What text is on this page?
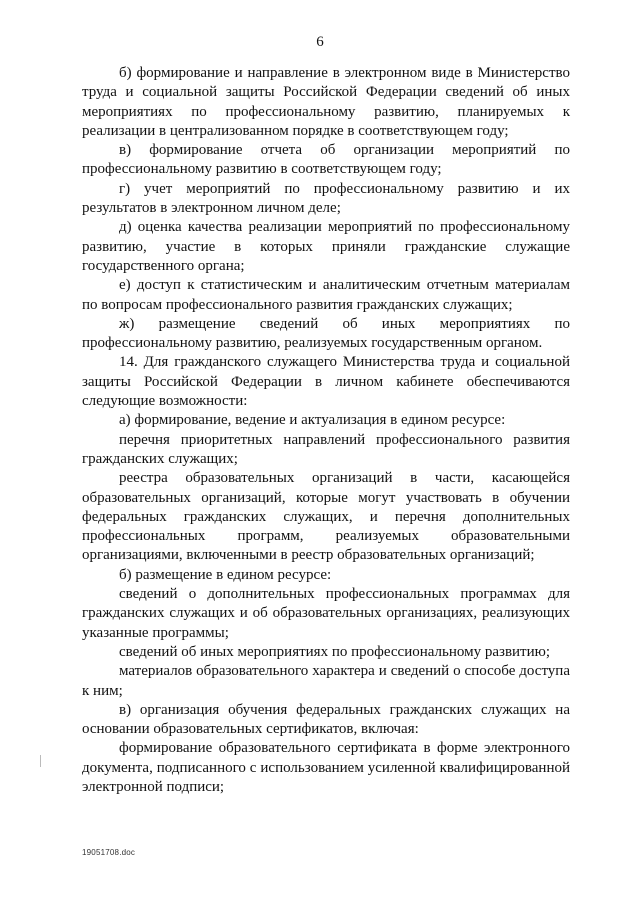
6

б) формирование и направление в электронном виде в Министерство труда и социальной защиты Российской Федерации сведений об иных мероприятиях по профессиональному развитию, планируемых к реализации в централизованном порядке в соответствующем году;

в) формирование отчета об организации мероприятий по профессиональному развитию в соответствующем году;

г) учет мероприятий по профессиональному развитию и их результатов в электронном личном деле;

д) оценка качества реализации мероприятий по профессиональному развитию, участие в которых приняли гражданские служащие государственного органа;

е) доступ к статистическим и аналитическим отчетным материалам по вопросам профессионального развития гражданских служащих;

ж) размещение сведений об иных мероприятиях по профессиональному развитию, реализуемых государственным органом.

14. Для гражданского служащего Министерства труда и социальной защиты Российской Федерации в личном кабинете обеспечиваются следующие возможности:

а) формирование, ведение и актуализация в едином ресурсе:

перечня приоритетных направлений профессионального развития гражданских служащих;

реестра образовательных организаций в части, касающейся образовательных организаций, которые могут участвовать в обучении федеральных гражданских служащих, и перечня дополнительных профессиональных программ, реализуемых образовательными организациями, включенными в реестр образовательных организаций;

б) размещение в едином ресурсе:

сведений о дополнительных профессиональных программах для гражданских служащих и об образовательных организациях, реализующих указанные программы;

сведений об иных мероприятиях по профессиональному развитию;

материалов образовательного характера и сведений о способе доступа к ним;

в) организация обучения федеральных гражданских служащих на основании образовательных сертификатов, включая:

формирование образовательного сертификата в форме электронного документа, подписанного с использованием усиленной квалифицированной электронной подписи;

19051708.doc
